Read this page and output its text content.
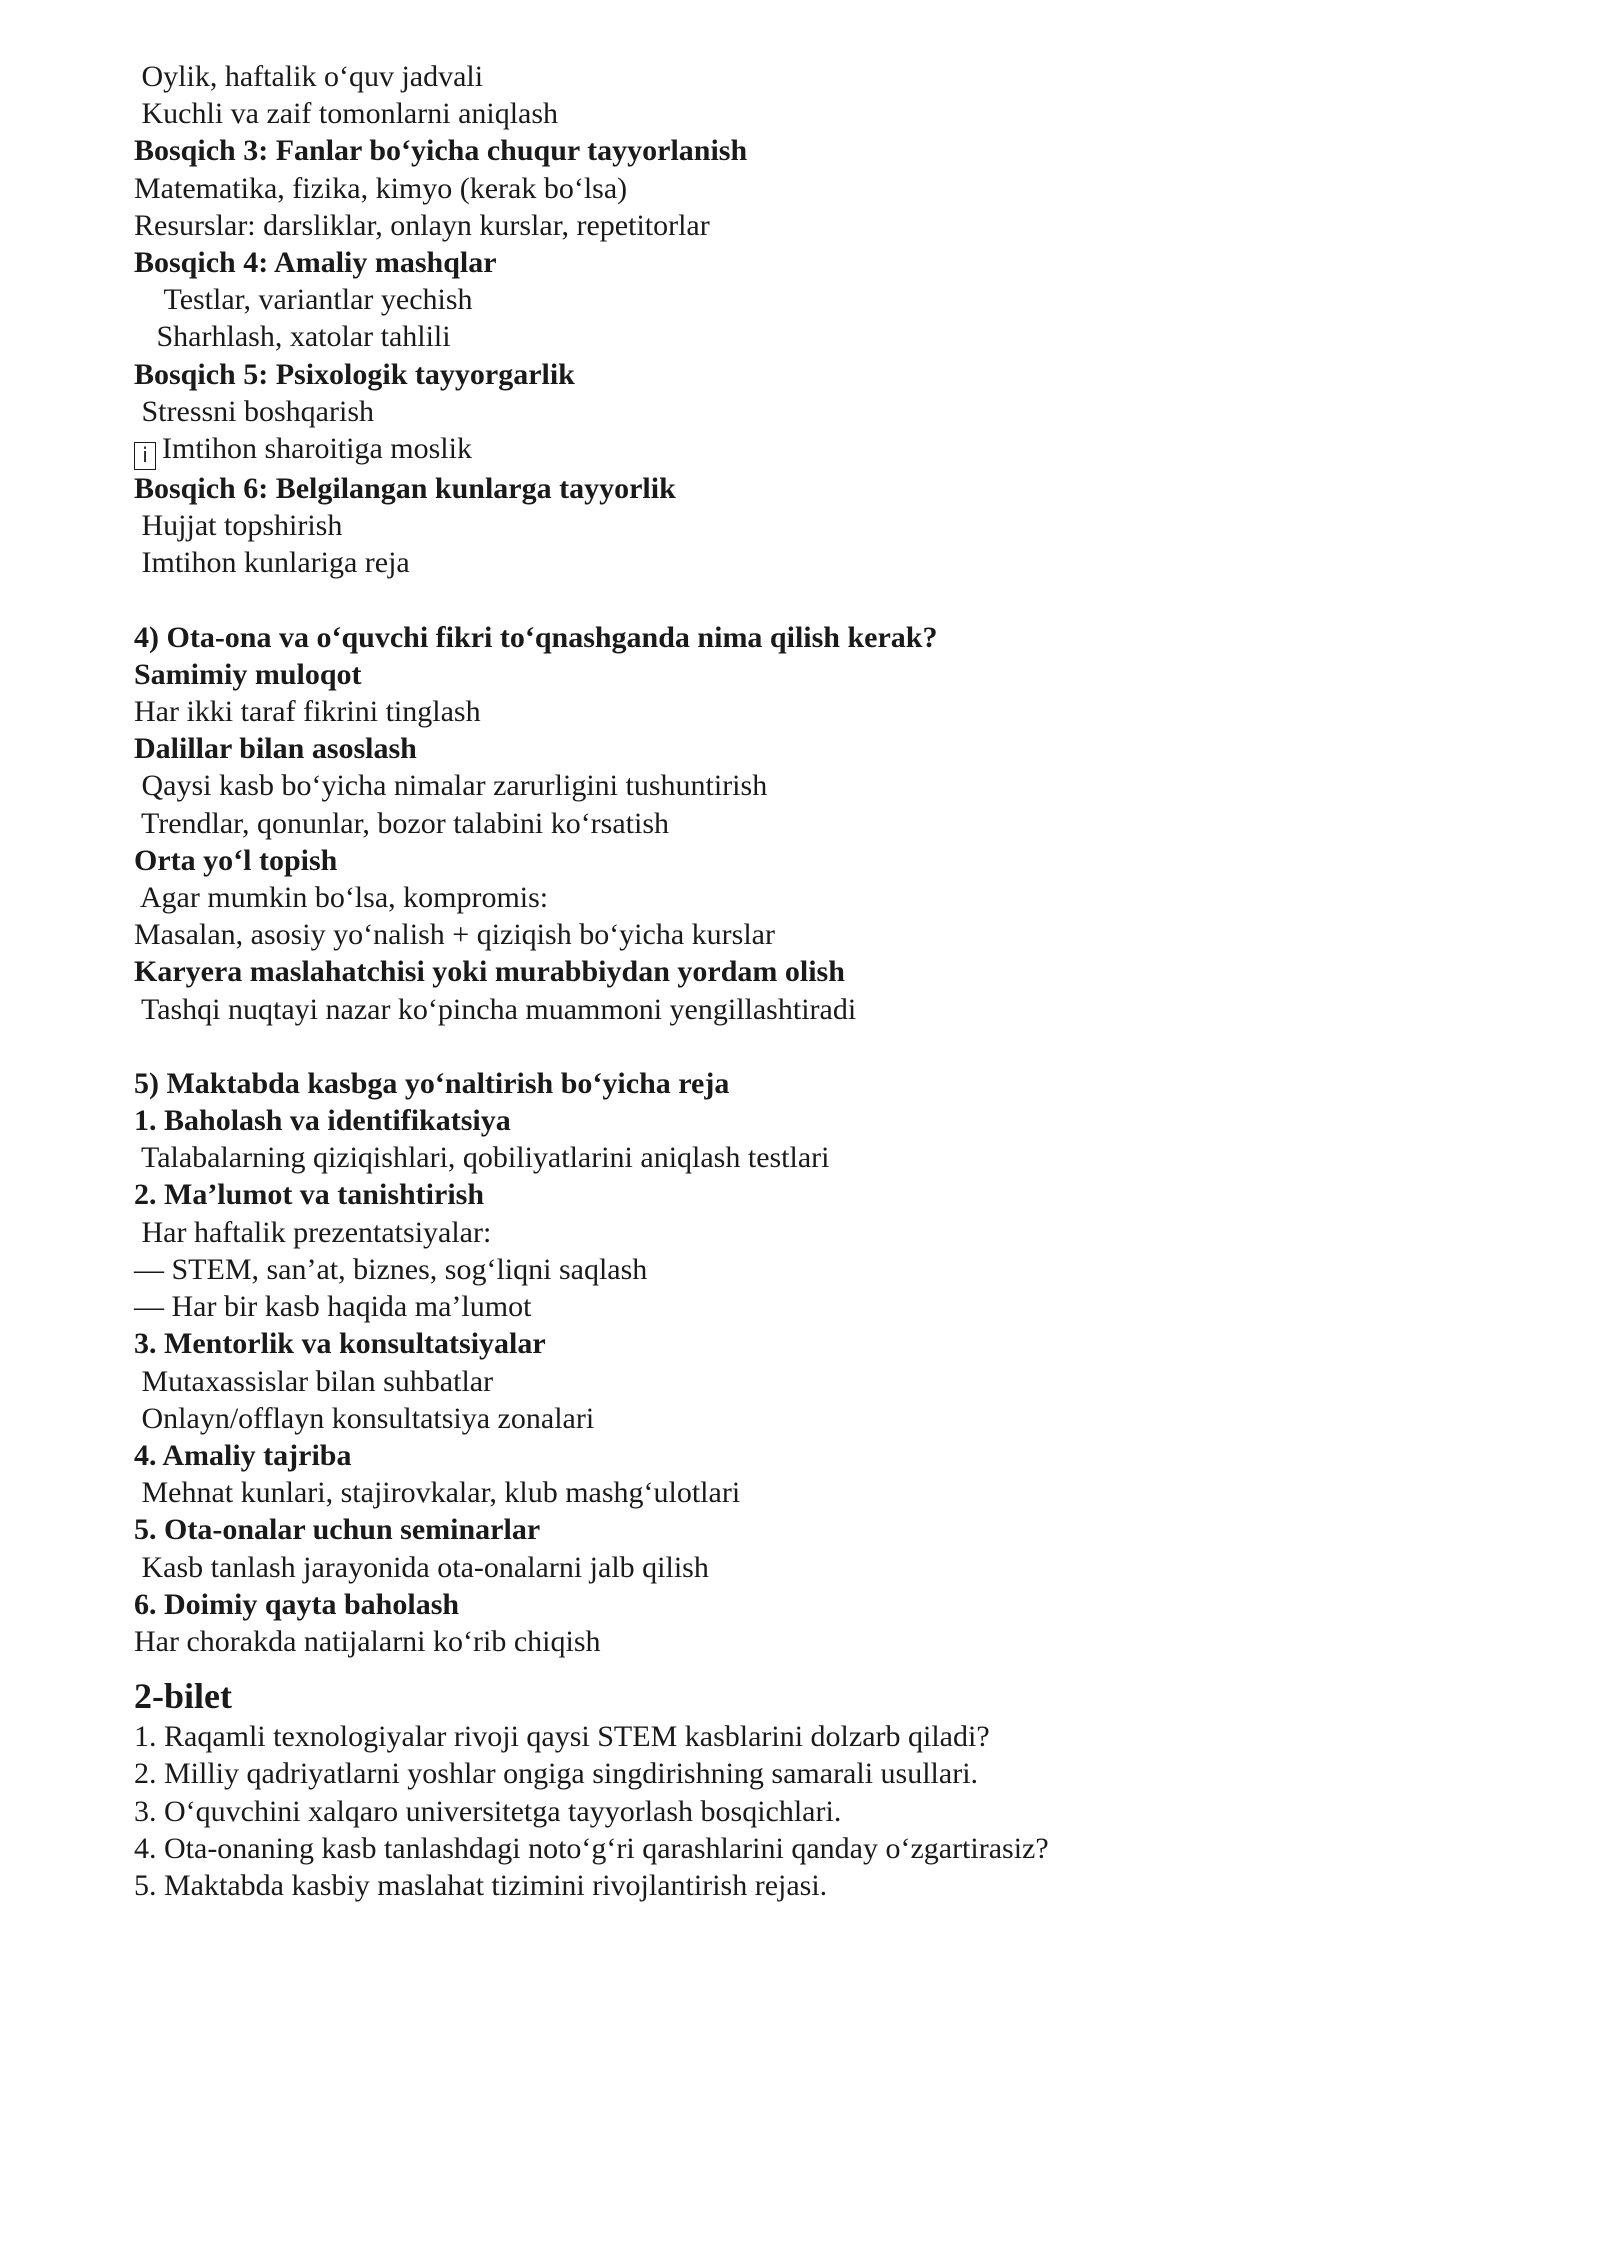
Oylik, haftalik o‘quv jadvali
Kuchli va zaif tomonlarni aniqlash
Bosqich 3: Fanlar bo‘yicha chuqur tayyorlanish
Matematika, fizika, kimyo (kerak bo‘lsa)
Resurslar: darsliklar, onlayn kurslar, repetitorlar
Bosqich 4: Amaliy mashqlar
Testlar, variantlar yechish
Sharhlash, xatolar tahlili
Bosqich 5: Psixologik tayyorgarlik
Stressni boshqarish
i Imtihon sharoitiga moslik
Bosqich 6: Belgilangan kunlarga tayyorlik
Hujjat topshirish
Imtihon kunlariga reja
4) Ota-ona va o‘quvchi fikri to‘qnashganda nima qilish kerak?
Samimiy muloqot
Har ikki taraf fikrini tinglash
Dalillar bilan asoslash
Qaysi kasb bo‘yicha nimalar zarurligini tushuntirish
Trendlar, qonunlar, bozor talabini ko‘rsatish
Orta yo‘l topish
Agar mumkin bo‘lsa, kompromis:
Masalan, asosiy yo‘nalish + qiziqish bo‘yicha kurslar
Karyera maslahatchisi yoki murabbiydan yordam olish
Tashqi nuqtayi nazar ko‘pincha muammoni yengillashtiradi
5) Maktabda kasbga yo‘naltirish bo‘yicha reja
1. Baholash va identifikatsiya
Talabalarning qiziqishlari, qobiliyatlarini aniqlash testlari
2. Ma’lumot va tanishtirish
Har haftalik prezentatsiyalar:
— STEM, san’at, biznes, sog‘liqni saqlash
— Har bir kasb haqida ma’lumot
3. Mentorlik va konsultatsiyalar
Mutaxassislar bilan suhbatlar
Onlayn/offlayn konsultatsiya zonalari
4. Amaliy tajriba
Mehnat kunlari, stajirovkalar, klub mashg‘ulotlari
5. Ota-onalar uchun seminarlar
Kasb tanlash jarayonida ota-onalarni jalb qilish
6. Doimiy qayta baholash
Har chorakda natijalarni ko‘rib chiqish
2-bilet
1. Raqamli texnologiyalar rivoji qaysi STEM kasblarini dolzarb qiladi?
2. Milliy qadriyatlarni yoshlar ongiga singdirishning samarali usullari.
3. O‘quvchini xalqaro universitetga tayyorlash bosqichlari.
4. Ota-onaning kasb tanlashdagi noto‘g‘ri qarashlarini qanday o‘zgartirasiz?
5. Maktabda kasbiy maslahat tizimini rivojlantirish rejasi.
